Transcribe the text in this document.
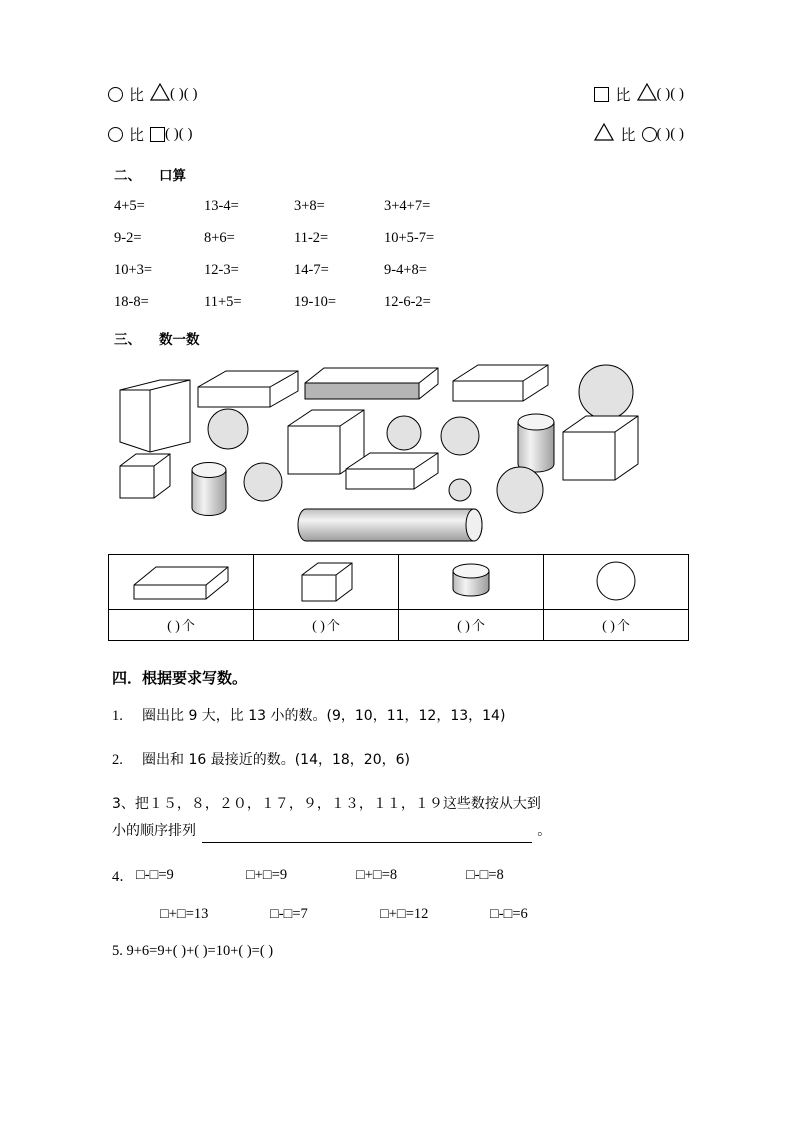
比 ( ) ( )	比 ( ) ( )
比 ( ) ( )	比 ( ) ( )
二、 口算
4+5=	13-4=	3+8=	3+4+7=
9-2=	8+6=	11-2=	10+5-7=
10+3=	12-3=	14-7=	9-4+8=
18-8=	11+5=	19-10=	12-6-2=
三、 数一数

( ) 个	( ) 个	( ) 个	( ) 个
四．根据要求写数。
1. 圈出比 9 大，比 13 小的数。(9，10，11，12，13，14)
2. 圈出和 16 最接近的数。(14，18，20，6)
3、把１５，８，２０，１７，９，１３，１１，１９这些数按从大到
小的顺序排列	。
4． □-□=9	□+□=9	□+□=8	□-□=8
□+□=13	□-□=7	□+□=12	□-□=6
5. 9+6=9+( )+( )=10+( )=( )
